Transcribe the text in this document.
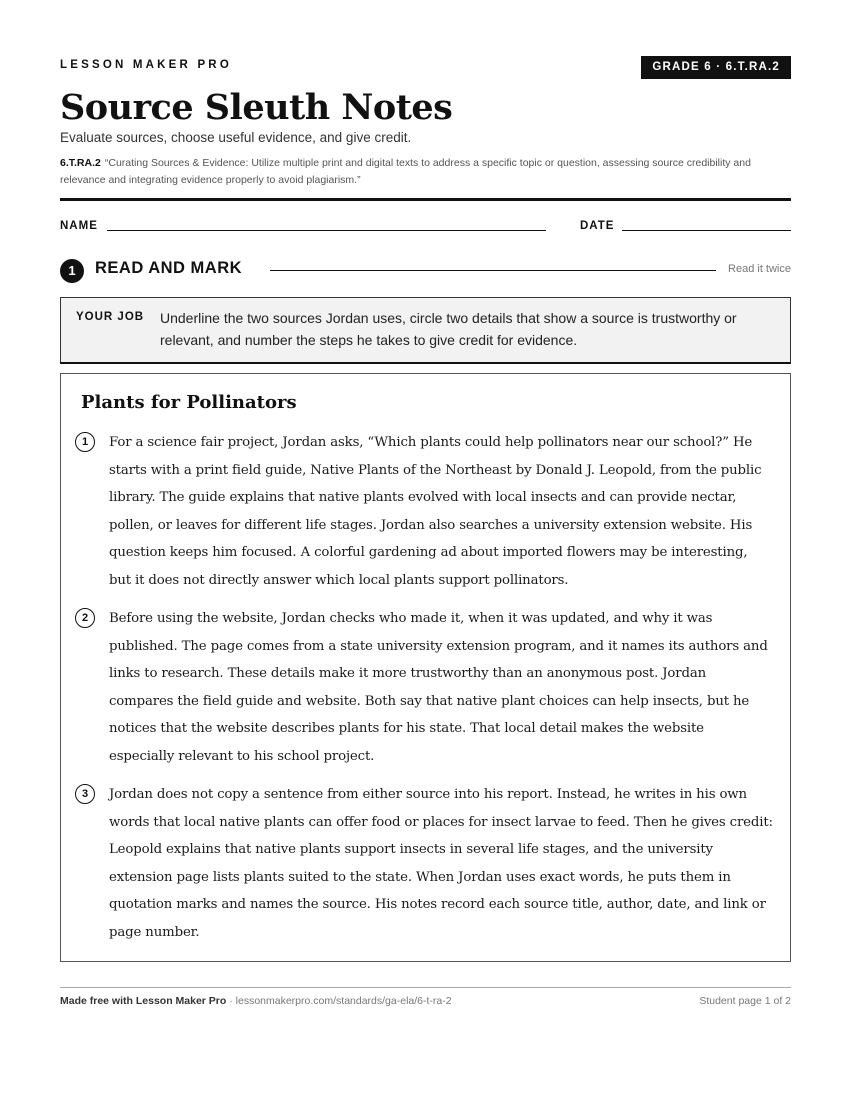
LESSON MAKER PRO	GRADE 6 · 6.T.RA.2
Source Sleuth Notes
Evaluate sources, choose useful evidence, and give credit.
6.T.RA.2 “Curating Sources & Evidence: Utilize multiple print and digital texts to address a specific topic or question, assessing source credibility and relevance and integrating evidence properly to avoid plagiarism.”
NAME	DATE
1	READ AND MARK	Read it twice
YOUR JOB Underline the two sources Jordan uses, circle two details that show a source is trustworthy or relevant, and number the steps he takes to give credit for evidence.
Plants for Pollinators
1	For a science fair project, Jordan asks, “Which plants could help pollinators near our school?” He starts with a print field guide, Native Plants of the Northeast by Donald J. Leopold, from the public library. The guide explains that native plants evolved with local insects and can provide nectar, pollen, or leaves for different life stages. Jordan also searches a university extension website. His question keeps him focused. A colorful gardening ad about imported flowers may be interesting, but it does not directly answer which local plants support pollinators.
2	Before using the website, Jordan checks who made it, when it was updated, and why it was published. The page comes from a state university extension program, and it names its authors and links to research. These details make it more trustworthy than an anonymous post. Jordan compares the field guide and website. Both say that native plant choices can help insects, but he notices that the website describes plants for his state. That local detail makes the website especially relevant to his school project.
3	Jordan does not copy a sentence from either source into his report. Instead, he writes in his own words that local native plants can offer food or places for insect larvae to feed. Then he gives credit: Leopold explains that native plants support insects in several life stages, and the university extension page lists plants suited to the state. When Jordan uses exact words, he puts them in quotation marks and names the source. His notes record each source title, author, date, and link or page number.
Made free with Lesson Maker Pro · lessonmakerpro.com/standards/ga-ela/6-t-ra-2	Student page 1 of 2
